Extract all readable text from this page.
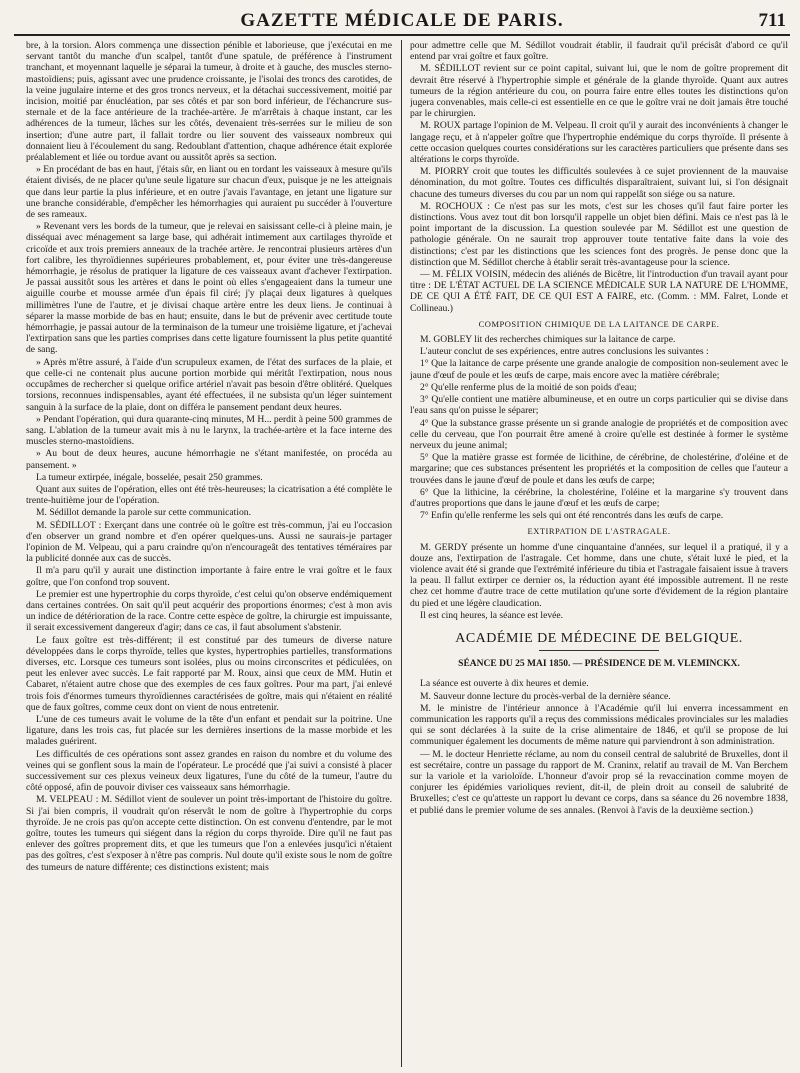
GAZETTE MÉDICALE DE PARIS.	711

bre, à la torsion. Alors commença une dissection pénible et laborieuse, que j'exécutai en me servant tantôt du manche d'un scalpel, tantôt d'une spatule, de préférence à l'instrument tranchant, et moyennant laquelle je séparai la tumeur, à droite et à gauche, des muscles sterno-mastoïdiens; puis, agissant avec une prudence croissante, je l'isolai des troncs des carotides, de la veine jugulaire interne et des gros troncs nerveux, et la détachai successivement, moitié par incision, moitié par énucléation, par ses côtés et par son bord inférieur, de l'échancrure sus-sternale et de la face antérieure de la trachée-artère. Je m'arrêtais à chaque instant, car les adhérences de la tumeur, lâches sur les côtés, devenaient très-serrées sur le milieu de son insertion; d'une autre part, il fallait tordre ou lier souvent des vaisseaux nombreux qui donnaient lieu à l'écoulement du sang. Redoublant d'attention, chaque adhérence était explorée préalablement et liée ou tordue avant ou aussitôt après sa section.

» En procédant de bas en haut, j'étais sûr, en liant ou en tordant les vaisseaux à mesure qu'ils étaient divisés, de ne placer qu'une seule ligature sur chacun d'eux, puisque je ne les atteignais que dans leur partie la plus inférieure, et en outre j'avais l'avantage, en jetant une ligature sur une branche considérable, d'empêcher les hémorrhagies qui auraient pu succéder à l'ouverture de ses rameaux.

» Revenant vers les bords de la tumeur, que je relevai en saisissant celle-ci à pleine main, je disséquai avec ménagement sa large base, qui adhérait intimement aux cartilages thyroïde et cricoïde et aux trois premiers anneaux de la trachée artère. Je rencontrai plusieurs artères d'un fort calibre, les thyroïdiennes supérieures probablement, et, pour éviter une très-dangereuse hémorrhagie, je résolus de pratiquer la ligature de ces vaisseaux avant d'achever l'extirpation. Je passai aussitôt sous les artères et dans le point où elles s'engageaient dans la tumeur une aiguille courbe et mousse armée d'un épais fil ciré; j'y plaçai deux ligatures à quelques millimètres l'une de l'autre, et je divisai chaque artère entre les deux liens. Je continuai à séparer la masse morbide de bas en haut; ensuite, dans le but de prévenir avec certitude toute hémorrhagie, je passai autour de la terminaison de la tumeur une troisième ligature, et j'achevai l'extirpation sans que les parties comprises dans cette ligature fournissent la plus petite quantité de sang.

» Après m'être assuré, à l'aide d'un scrupuleux examen, de l'état des surfaces de la plaie, et que celle-ci ne contenait plus aucune portion morbide qui méritât l'extirpation, nous nous occupâmes de rechercher si quelque orifice artériel n'avait pas besoin d'être oblitéré. Quelques torsions, reconnues indispensables, ayant été effectuées, il ne subsista qu'un léger suintement sanguin à la surface de la plaie, dont on différa le pansement pendant deux heures.

» Pendant l'opération, qui dura quarante-cinq minutes, M H... perdit à peine 500 grammes de sang. L'ablation de la tumeur avait mis à nu le larynx, la trachée-artère et la face interne des muscles sterno-mastoïdiens.

» Au bout de deux heures, aucune hémorrhagie ne s'étant manifestée, on procéda au pansement. »

La tumeur extirpée, inégale, bosselée, pesait 250 grammes.

Quant aux suites de l'opération, elles ont été très-heureuses; la cicatrisation a été complète le trente-huitième jour de l'opération.

M. Sédillot demande la parole sur cette communication.

M. SÉDILLOT : Exerçant dans une contrée où le goître est très-commun, j'ai eu l'occasion d'en observer un grand nombre et d'en opérer quelques-uns. Aussi ne saurais-je partager l'opinion de M. Velpeau, qui a paru craindre qu'on n'encourageât des tentatives téméraires par la publicité donnée aux cas de succès.

Il m'a paru qu'il y aurait une distinction importante à faire entre le vrai goître et le faux goître, que l'on confond trop souvent.

Le premier est une hypertrophie du corps thyroïde, c'est celui qu'on observe endémiquement dans certaines contrées. On sait qu'il peut acquérir des proportions énormes; c'est à mon avis un indice de détérioration de la race. Contre cette espèce de goître, la chirurgie est impuissante, il serait excessivement dangereux d'agir; dans ce cas, il faut absolument s'abstenir.

Le faux goître est très-différent; il est constitué par des tumeurs de diverse nature développées dans le corps thyroïde, telles que kystes, hypertrophies partielles, transformations diverses, etc. Lorsque ces tumeurs sont isolées, plus ou moins circonscrites et pédiculées, on peut les enlever avec succès. Le fait rapporté par M. Roux, ainsi que ceux de MM. Hutin et Cabaret, n'étaient autre chose que des exemples de ces faux goîtres. Pour ma part, j'ai enlevé trois fois d'énormes tumeurs thyroïdiennes caractérisées de goître, mais qui n'étaient en réalité que de faux goîtres, comme ceux dont on vient de nous entretenir.

L'une de ces tumeurs avait le volume de la tête d'un enfant et pendait sur la poitrine. Une ligature, dans les trois cas, fut placée sur les dernières insertions de la masse morbide et les malades guérirent.

Les difficultés de ces opérations sont assez grandes en raison du nombre et du volume des veines qui se gonflent sous la main de l'opérateur. Le procédé que j'ai suivi a consisté à placer successivement sur ces plexus veineux deux ligatures, l'une du côté de la tumeur, l'autre du côté opposé, afin de pouvoir diviser ces vaisseaux sans hémorrhagie.

M. VELPEAU : M. Sédillot vient de soulever un point très-important de l'histoire du goître. Si j'ai bien compris, il voudrait qu'on réservât le nom de goître à l'hypertrophie du corps thyroïde. Je ne crois pas qu'on accepte cette distinction. On est convenu d'entendre, par le mot goître, toutes les tumeurs qui siégent dans la région du corps thyroïde. Dire qu'il ne faut pas enlever des goîtres proprement dits, et que les tumeurs que l'on a enlevées jusqu'ici n'étaient pas des goîtres, c'est s'exposer à n'être pas compris. Nul doute qu'il existe sous le nom de goître des tumeurs de nature différente; ces distinctions existent; mais

pour admettre celle que M. Sédillot voudrait établir, il faudrait qu'il précisât d'abord ce qu'il entend par vrai goître et faux goître.

M. SÉDILLOT revient sur ce point capital, suivant lui, que le nom de goître proprement dit devrait être réservé à l'hypertrophie simple et générale de la glande thyroïde. Quant aux autres tumeurs de la région antérieure du cou, on pourra faire entre elles toutes les distinctions qu'on jugera convenables, mais celle-ci est essentielle en ce que le goître vrai ne doit jamais être touché par le chirurgien.

M. ROUX partage l'opinion de M. Velpeau. Il croit qu'il y aurait des inconvénients à changer le langage reçu, et à n'appeler goître que l'hypertrophie endémique du corps thyroïde. Il présente à cette occasion quelques courtes considérations sur les caractères particuliers que présente dans ses altérations le corps thyroïde.

M. PIORRY croit que toutes les difficultés soulevées à ce sujet proviennent de la mauvaise dénomination, du mot goître. Toutes ces difficultés disparaîtraient, suivant lui, si l'on désignait chacune des tumeurs diverses du cou par un nom qui rappelât son siége ou sa nature.

M. ROCHOUX : Ce n'est pas sur les mots, c'est sur les choses qu'il faut faire porter les distinctions. Vous avez tout dit bon lorsqu'il rappelle un objet bien défini. Mais ce n'est pas là le point important de la discussion. La question soulevée par M. Sédillot est une question de pathologie générale. On ne saurait trop approuver toute tentative faite dans la voie des distinctions; c'est par les distinctions que les sciences font des progrès. Je pense donc que la distinction que M. Sédillot cherche à établir serait très-avantageuse pour la science.

— M. FÉLIX VOISIN, médecin des aliénés de Bicêtre, lit l'introduction d'un travail ayant pour titre : DE L'ÉTAT ACTUEL DE LA SCIENCE MÉDICALE SUR LA NATURE DE L'HOMME, DE CE QUI A ÉTÉ FAIT, DE CE QUI EST A FAIRE, etc. (Comm. : MM. Falret, Londe et Collineau.)

COMPOSITION CHIMIQUE DE LA LAITANCE DE CARPE.

M. GOBLEY lit des recherches chimiques sur la laitance de carpe.

L'auteur conclut de ses expériences, entre autres conclusions les suivantes :

1° Que la laitance de carpe présente une grande analogie de composition non-seulement avec le jaune d'œuf de poule et les œufs de carpe, mais encore avec la matière cérébrale;

2° Qu'elle renferme plus de la moitié de son poids d'eau;

3° Qu'elle contient une matière albumineuse, et en outre un corps particulier qui se divise dans l'eau sans qu'on puisse le séparer;

4° Que la substance grasse présente un si grande analogie de propriétés et de composition avec celle du cerveau, que l'on pourrait être amené à croire qu'elle est destinée à former le système nerveux du jeune animal;

5° Que la matière grasse est formée de licithine, de cérébrine, de cholestérine, d'oléine et de margarine; que ces substances présentent les propriétés et la composition de celles que l'auteur a trouvées dans le jaune d'œuf de poule et dans les œufs de carpe;

6° Que la lithicine, la cérébrine, la cholestérine, l'oléine et la margarine s'y trouvent dans d'autres proportions que dans le jaune d'œuf et les œufs de carpe;

7° Enfin qu'elle renferme les sels qui ont été rencontrés dans les œufs de carpe.

EXTIRPATION DE L'ASTRAGALE.

M. GERDY présente un homme d'une cinquantaine d'années, sur lequel il a pratiqué, il y a douze ans, l'extirpation de l'astragale. Cet homme, dans une chute, s'était luxé le pied, et la violence avait été si grande que l'extrémité inférieure du tibia et l'astragale faisaient issue à travers la peau. Il fallut extirper ce dernier os, la réduction ayant été impossible autrement. Il ne reste chez cet homme d'autre trace de cette mutilation qu'une sorte d'évidement de la région plantaire du pied et une légère claudication.

Il est cinq heures, la séance est levée.

ACADÉMIE DE MÉDECINE DE BELGIQUE.
SÉANCE DU 25 MAI 1850. — PRÉSIDENCE DE M. VLEMINCKX.

La séance est ouverte à dix heures et demie.

M. Sauveur donne lecture du procès-verbal de la dernière séance.

M. le ministre de l'intérieur annonce à l'Académie qu'il lui enverra incessamment en communication les rapports qu'il a reçus des commissions médicales provinciales sur les maladies qui se sont déclarées à la suite de la crise alimentaire de 1846, et qu'il se propose de lui communiquer également les documents de même nature qui parviendront à son administration.

— M. le docteur Henriette réclame, au nom du conseil central de salubrité de Bruxelles, dont il est secrétaire, contre un passage du rapport de M. Craninx, relatif au travail de M. Van Berchem sur la variole et la varioloïde. L'honneur d'avoir prop sé la revaccination comme moyen de conjurer les épidémies varioliques revient, dit-il, de plein droit au conseil de salubrité de Bruxelles; c'est ce qu'atteste un rapport lu devant ce corps, dans sa séance du 26 novembre 1838, et publié dans le premier volume de ses annales. (Renvoi à l'avis de la deuxième section.)
